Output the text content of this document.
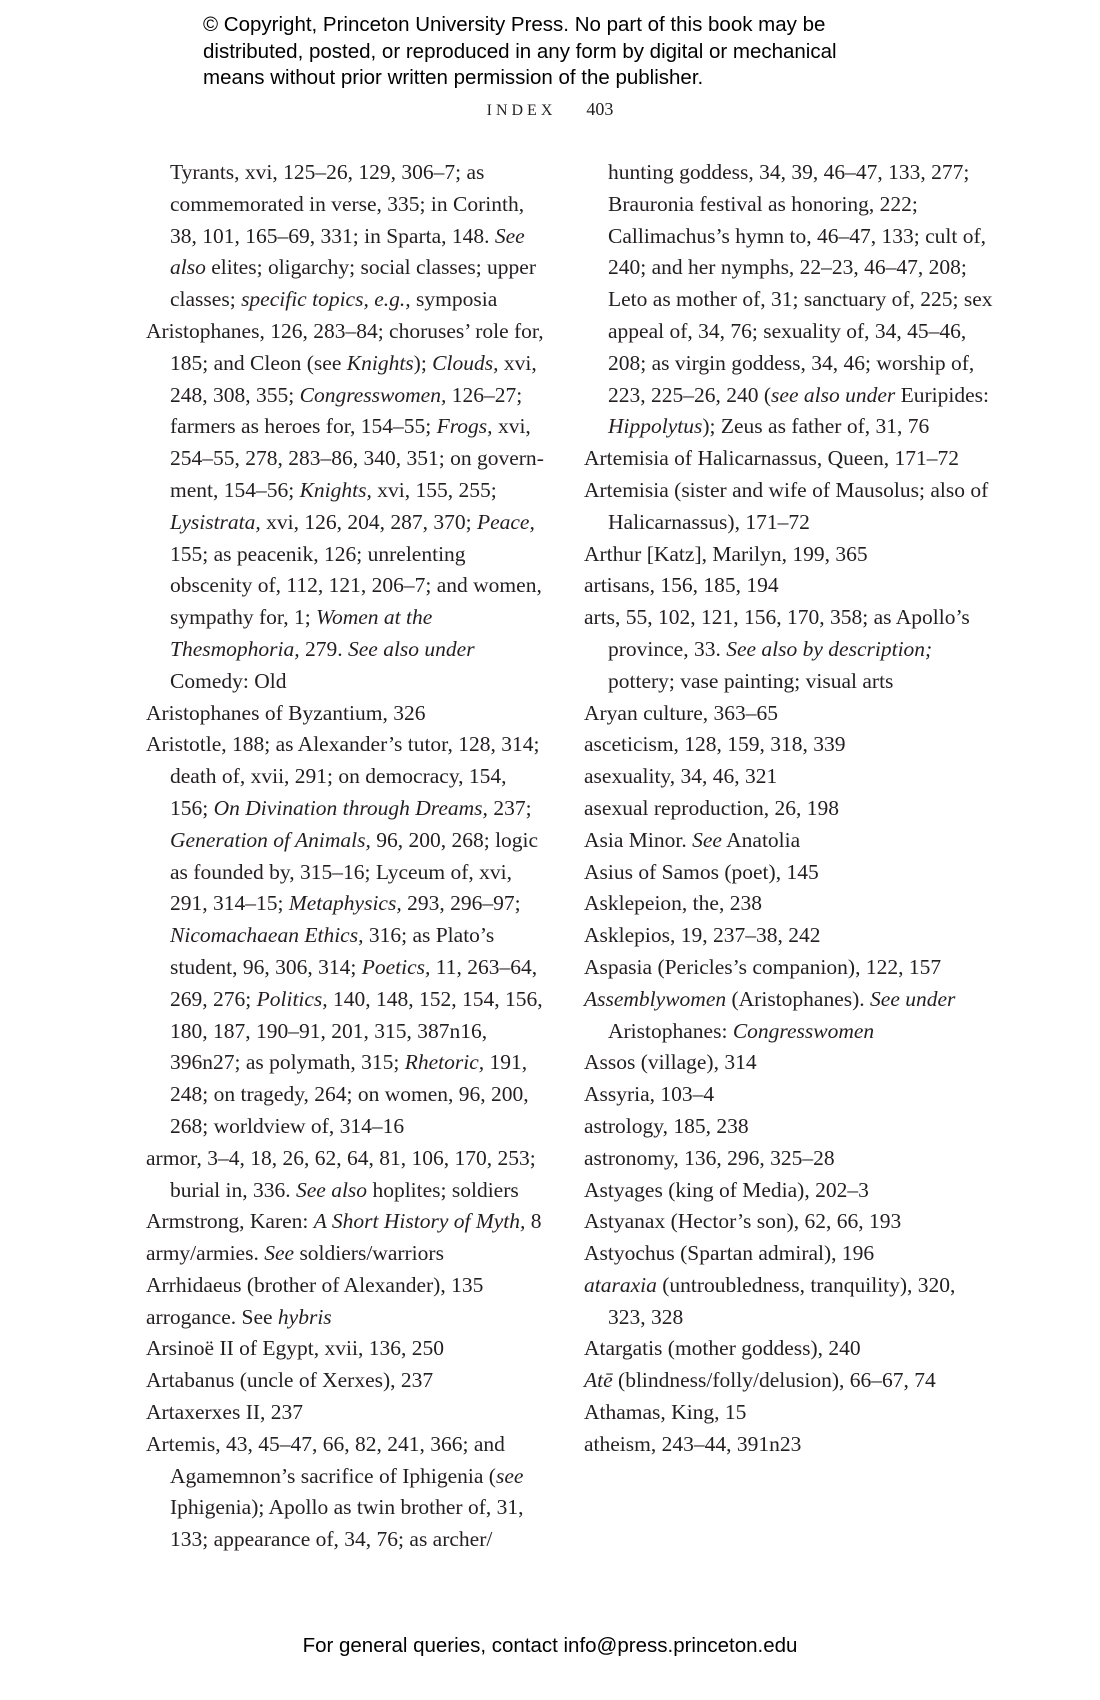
© Copyright, Princeton University Press. No part of this book may be
distributed, posted, or reproduced in any form by digital or mechanical
means without prior written permission of the publisher.
INDEX 403
Tyrants, xvi, 125–26, 129, 306–7; as commemorated in verse, 335; in Corinth, 38, 101, 165–69, 331; in Sparta, 148. See also elites; oligarchy; social classes; upper classes; specific topics, e.g., symposia
Aristophanes, 126, 283–84; choruses’ role for, 185; and Cleon (see Knights); Clouds, xvi, 248, 308, 355; Congresswomen, 126–27; farmers as heroes for, 154–55; Frogs, xvi, 254–55, 278, 283–86, 340, 351; on government, 154–56; Knights, xvi, 155, 255; Lysistrata, xvi, 126, 204, 287, 370; Peace, 155; as peacenik, 126; unrelenting obscenity of, 112, 121, 206–7; and women, sympathy for, 1; Women at the Thesmophoria, 279. See also under Comedy: Old
Aristophanes of Byzantium, 326
Aristotle, 188; as Alexander’s tutor, 128, 314; death of, xvii, 291; on democracy, 154, 156; On Divination through Dreams, 237; Generation of Animals, 96, 200, 268; logic as founded by, 315–16; Lyceum of, xvi, 291, 314–15; Metaphysics, 293, 296–97; Nicomachaean Ethics, 316; as Plato’s student, 96, 306, 314; Poetics, 11, 263–64, 269, 276; Politics, 140, 148, 152, 154, 156, 180, 187, 190–91, 201, 315, 387n16, 396n27; as polymath, 315; Rhetoric, 191, 248; on tragedy, 264; on women, 96, 200, 268; worldview of, 314–16
armor, 3–4, 18, 26, 62, 64, 81, 106, 170, 253; burial in, 336. See also hoplites; soldiers
Armstrong, Karen: A Short History of Myth, 8
army/armies. See soldiers/warriors
Arrhidaeus (brother of Alexander), 135
arrogance. See hybris
Arsinoë II of Egypt, xvii, 136, 250
Artabanus (uncle of Xerxes), 237
Artaxerxes II, 237
Artemis, 43, 45–47, 66, 82, 241, 366; and Agamemnon’s sacrifice of Iphigenia (see Iphigenia); Apollo as twin brother of, 31, 133; appearance of, 34, 76; as archer/
hunting goddess, 34, 39, 46–47, 133, 277; Brauronia festival as honoring, 222; Callimachus’s hymn to, 46–47, 133; cult of, 240; and her nymphs, 22–23, 46–47, 208; Leto as mother of, 31; sanctuary of, 225; sex appeal of, 34, 76; sexuality of, 34, 45–46, 208; as virgin goddess, 34, 46; worship of, 223, 225–26, 240 (see also under Euripides: Hippolytus); Zeus as father of, 31, 76
Artemisia of Halicarnassus, Queen, 171–72
Artemisia (sister and wife of Mausolus; also of Halicarnassus), 171–72
Arthur [Katz], Marilyn, 199, 365
artisans, 156, 185, 194
arts, 55, 102, 121, 156, 170, 358; as Apollo’s province, 33. See also by description; pottery; vase painting; visual arts
Aryan culture, 363–65
asceticism, 128, 159, 318, 339
asexuality, 34, 46, 321
asexual reproduction, 26, 198
Asia Minor. See Anatolia
Asius of Samos (poet), 145
Asklepeion, the, 238
Asklepios, 19, 237–38, 242
Aspasia (Pericles’s companion), 122, 157
Assemblywomen (Aristophanes). See under Aristophanes: Congresswomen
Assos (village), 314
Assyria, 103–4
astrology, 185, 238
astronomy, 136, 296, 325–28
Astyages (king of Media), 202–3
Astyanax (Hector’s son), 62, 66, 193
Astyochus (Spartan admiral), 196
ataraxia (untroubledness, tranquility), 320, 323, 328
Atargatis (mother goddess), 240
Atē (blindness/folly/delusion), 66–67, 74
Athamas, King, 15
atheism, 243–44, 391n23
For general queries, contact info@press.princeton.edu
